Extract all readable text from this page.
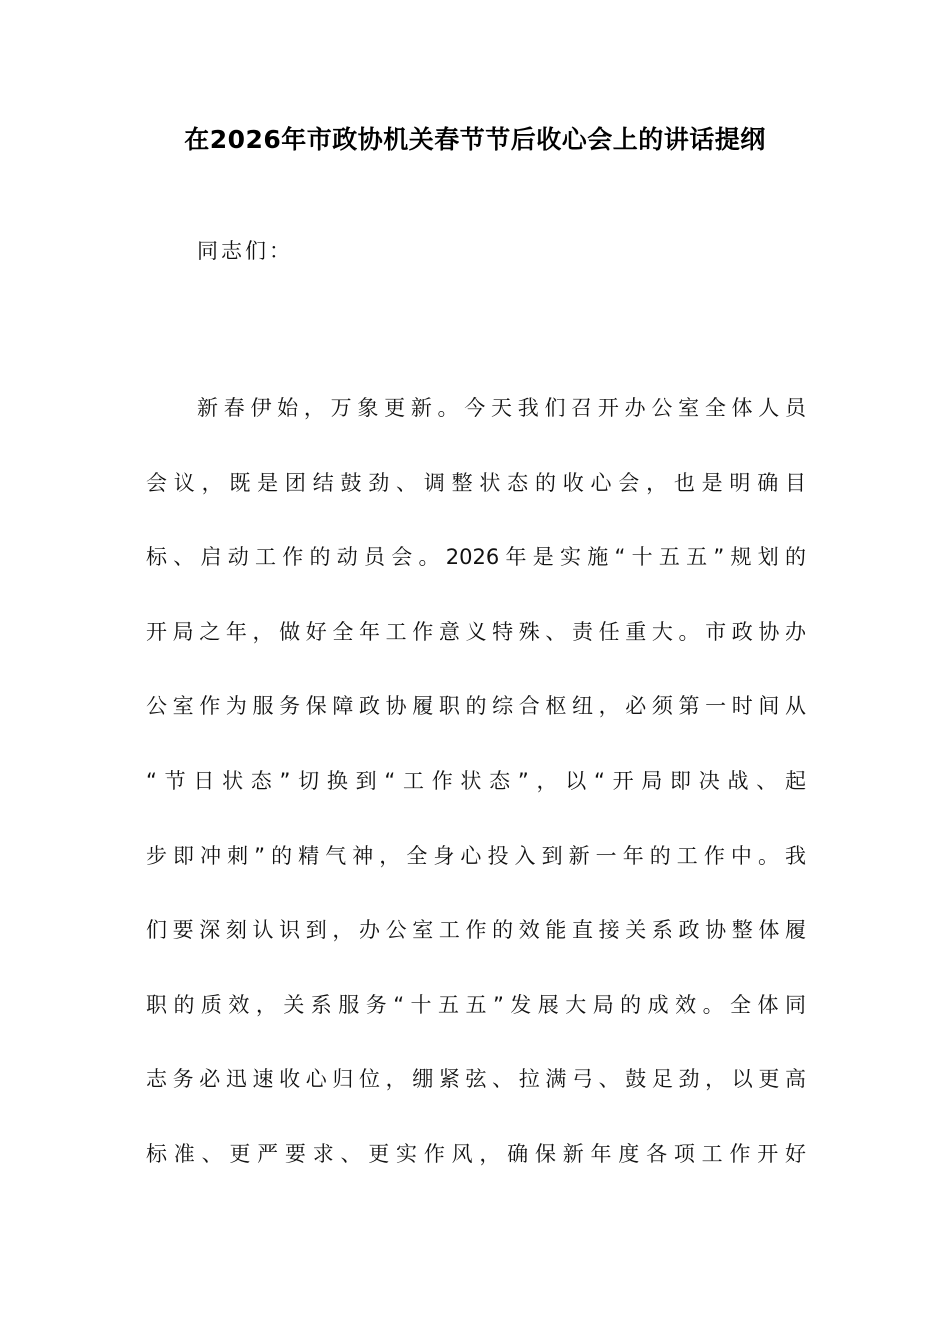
在2026年市政协机关春节节后收心会上的讲话提纲
同志们：
新春伊始，万象更新。今天我们召开办公室全体人员
会议，既是团结鼓劲、调整状态的收心会，也是明确目
标、启动工作的动员会。2026年是实施“十五五”规划的
开局之年，做好全年工作意义特殊、责任重大。市政协办
公室作为服务保障政协履职的综合枢纽，必须第一时间从
“节日状态”切换到“工作状态”，以“开局即决战、起
步即冲刺”的精气神，全身心投入到新一年的工作中。我
们要深刻认识到，办公室工作的效能直接关系政协整体履
职的质效，关系服务“十五五”发展大局的成效。全体同
志务必迅速收心归位，绷紧弦、拉满弓、鼓足劲，以更高
标准、更严要求、更实作风，确保新年度各项工作开好
